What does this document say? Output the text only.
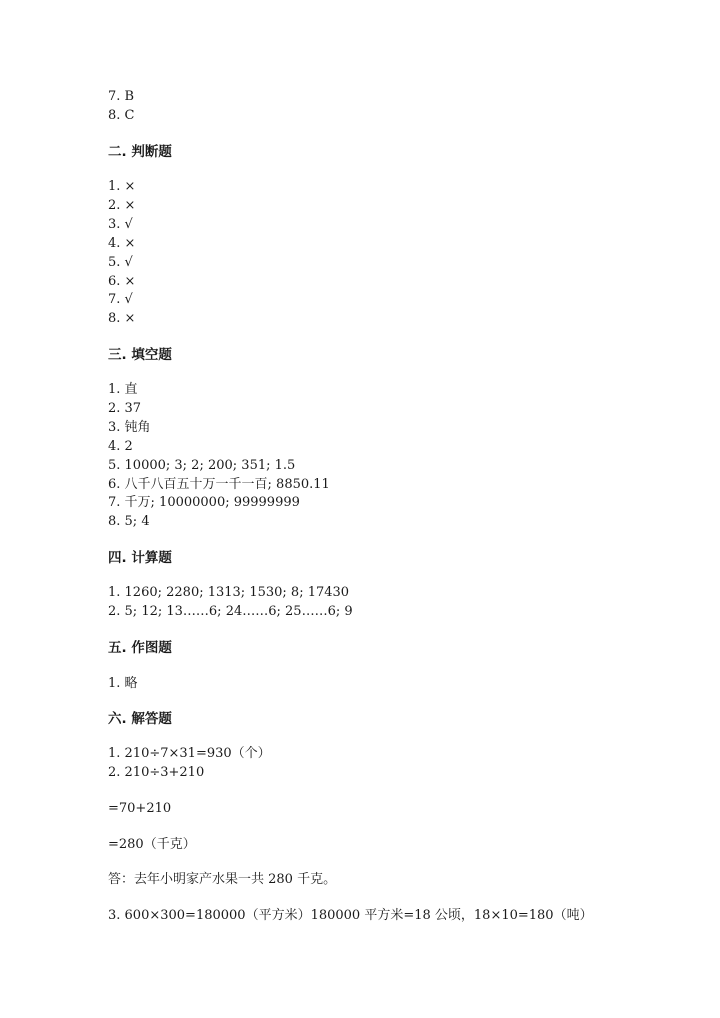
7. B
8. C
二. 判断题
1. ×
2. ×
3. √
4. ×
5. √
6. ×
7. √
8. ×
三. 填空题
1. 直
2. 37
3. 钝角
4. 2
5. 10000; 3; 2; 200; 351; 1.5
6. 八千八百五十万一千一百; 8850.11
7. 千万; 10000000; 99999999
8. 5; 4
四. 计算题
1. 1260; 2280; 1313; 1530; 8; 17430
2. 5; 12; 13……6; 24……6; 25……6; 9
五. 作图题
1. 略
六. 解答题
1. 210÷7×31=930（个）
2. 210÷3+210
=70+210
=280（千克）
答：去年小明家产水果一共 280 千克。
3. 600×300=180000（平方米）180000 平方米=18 公顷，18×10=180（吨）
